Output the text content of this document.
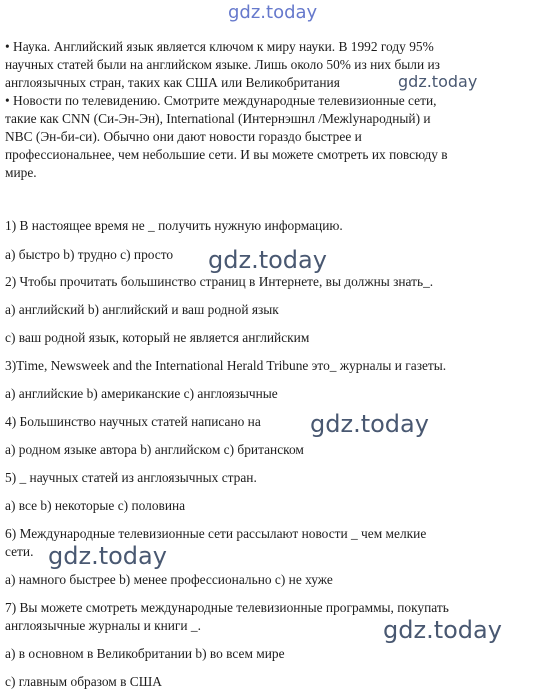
gdz.today
gdz.today
gdz.today
gdz.today
gdz.today
gdz.today
• Наука. Английский язык является ключом к миру науки. В 1992 году 95%
научных статей были на английском языке. Лишь около 50% из них были из
англоязычных стран, таких как США или Великобритания
• Новости по телевидению. Смотрите международные телевизионные сети,
такие как CNN (Си-Эн-Эн), International (Интернэшнл /Межlународный) и
NBC (Эн-би-си). Обычно они дают новости гораздо быстрее и
профессиональнее, чем небольшие сети. И вы можете смотреть их повсюду в
мире.
1) В настоящее время не _ получить нужную информацию.
a) быстро b) трудно c) просто
2) Чтобы прочитать большинство страниц в Интернете, вы должны знать_.
a) английский b) английский и ваш родной язык
c) ваш родной язык, который не является английским
3)Time, Newsweek and the International Herald Tribune это_ журналы и газеты.
a) английские b) американские c) англоязычные
4) Большинство научных статей написано на
a) родном языке автора b) английском c) британском
5) _ научных статей из англоязычных стран.
a) все b) некоторые c) половина
6) Международные телевизионные сети рассылают новости _ чем мелкие
сети.
a) намного быстрее b) менее профессионально c) не хуже
7) Вы можете смотреть международные телевизионные программы, покупать
англоязычные журналы и книги _.
a) в основном в Великобритании b) во всем мире
c) главным образом в США
